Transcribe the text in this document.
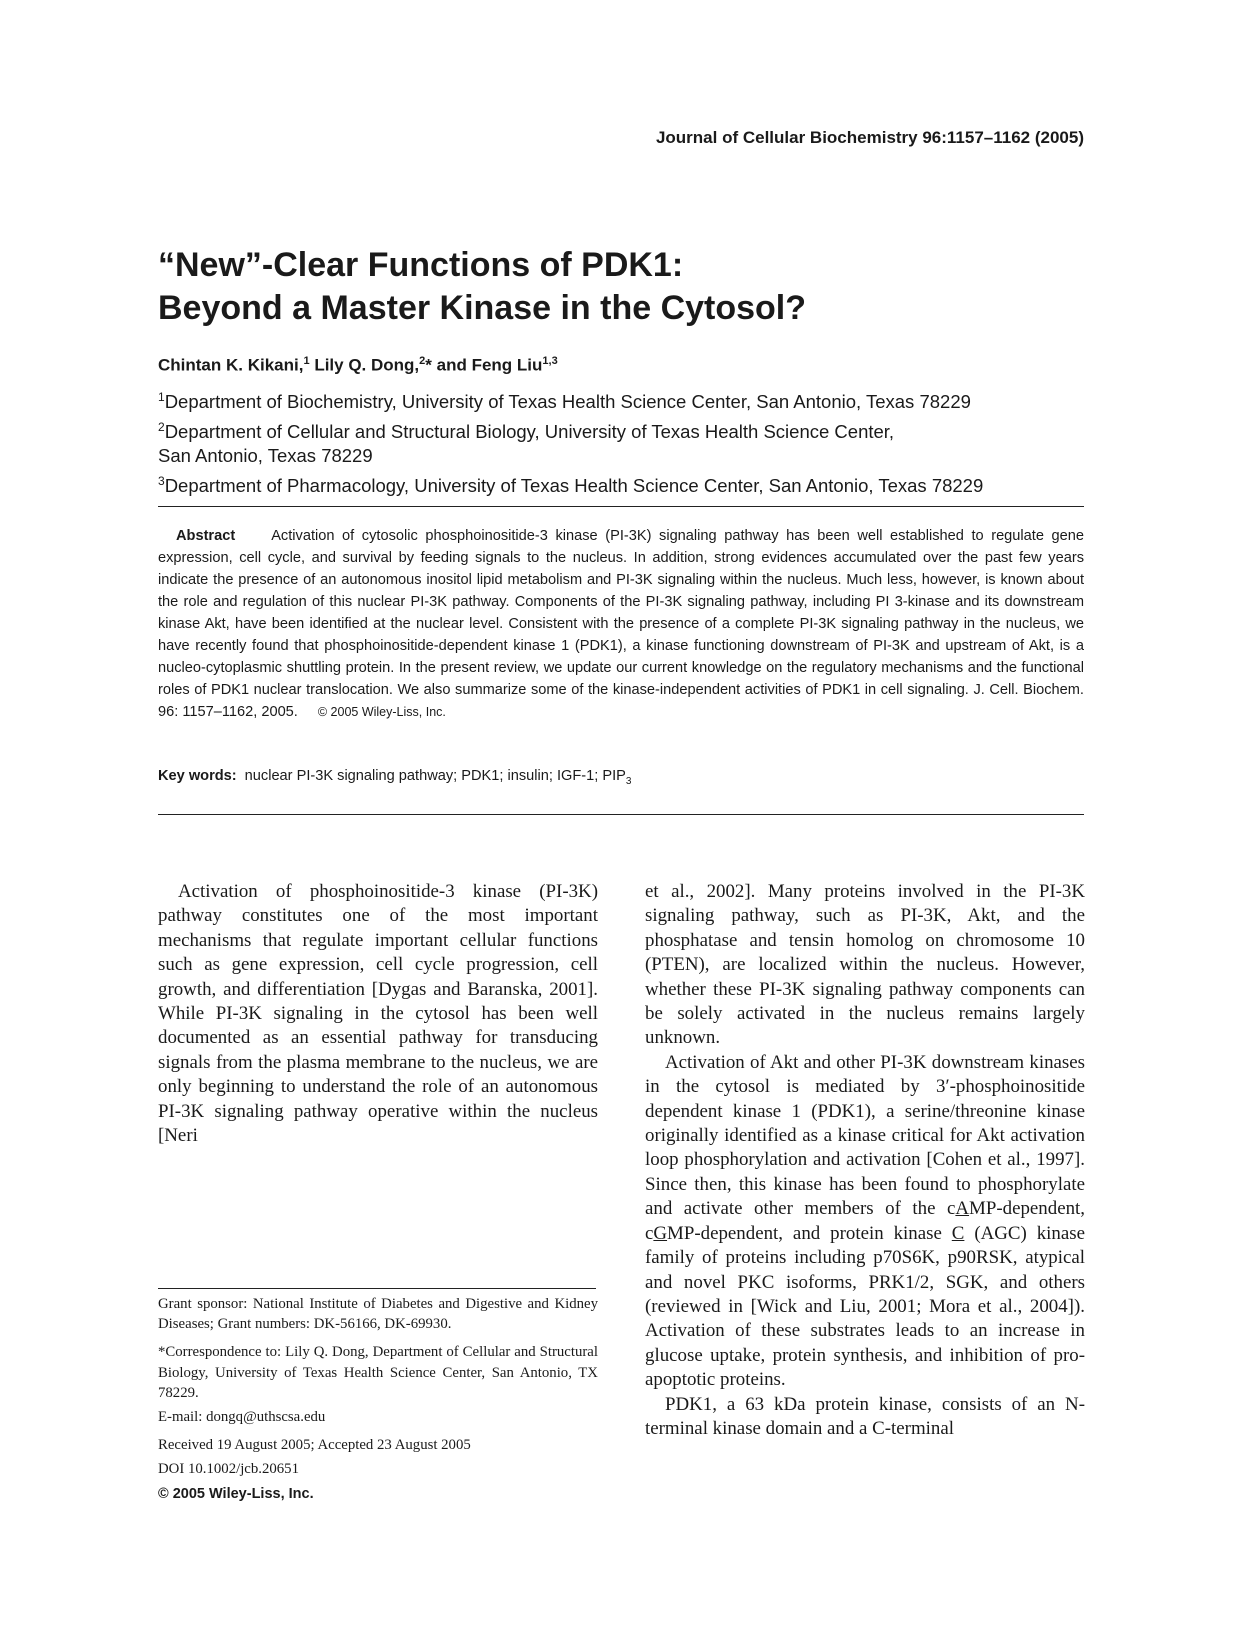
Journal of Cellular Biochemistry 96:1157–1162 (2005)
“New”-Clear Functions of PDK1:
Beyond a Master Kinase in the Cytosol?
Chintan K. Kikani,$^1$ Lily Q. Dong,$^2$* and Feng Liu$^{1,3}$
$^1$Department of Biochemistry, University of Texas Health Science Center, San Antonio, Texas 78229
$^2$Department of Cellular and Structural Biology, University of Texas Health Science Center,
San Antonio, Texas 78229
$^3$Department of Pharmacology, University of Texas Health Science Center, San Antonio, Texas 78229

Abstract Activation of cytosolic phosphoinositide-3 kinase (PI-3K) signaling pathway has been well established to regulate gene expression, cell cycle, and survival by feeding signals to the nucleus. In addition, strong evidences accumulated over the past few years indicate the presence of an autonomous inositol lipid metabolism and PI-3K signaling within the nucleus. Much less, however, is known about the role and regulation of this nuclear PI-3K pathway. Components of the PI-3K signaling pathway, including PI 3-kinase and its downstream kinase Akt, have been identified at the nuclear level. Consistent with the presence of a complete PI-3K signaling pathway in the nucleus, we have recently found that phosphoinositide-dependent kinase 1 (PDK1), a kinase functioning downstream of PI-3K and upstream of Akt, is a nucleo-cytoplasmic shuttling protein. In the present review, we update our current knowledge on the regulatory mechanisms and the functional roles of PDK1 nuclear translocation. We also summarize some of the kinase-independent activities of PDK1 in cell signaling. J. Cell. Biochem. 96: 1157–1162, 2005. © 2005 Wiley-Liss, Inc.

Key words: nuclear PI-3K signaling pathway; PDK1; insulin; IGF-1; $PIP_3$

Activation of phosphoinositide-3 kinase (PI-3K) pathway constitutes one of the most important mechanisms that regulate important cellular functions such as gene expression, cell cycle progression, cell growth, and differentiation [Dygas and Baranska, 2001]. While PI-3K signaling in the cytosol has been well documented as an essential pathway for transducing signals from the plasma membrane to the nucleus, we are only beginning to understand the role of an autonomous PI-3K signaling pathway operative within the nucleus [Neri

et al., 2002]. Many proteins involved in the PI-3K signaling pathway, such as PI-3K, Akt, and the phosphatase and tensin homolog on chromosome 10 (PTEN), are localized within the nucleus. However, whether these PI-3K signaling pathway components can be solely activated in the nucleus remains largely unknown.

Activation of Akt and other PI-3K downstream kinases in the cytosol is mediated by 3′-phosphoinositide dependent kinase 1 (PDK1), a serine/threonine kinase originally identified as a kinase critical for Akt activation loop phosphorylation and activation [Cohen et al., 1997]. Since then, this kinase has been found to phosphorylate and activate other members of the cAMP-dependent, cGMP-dependent, and protein kinase C (AGC) kinase family of proteins including p70S6K, p90RSK, atypical and novel PKC isoforms, PRK1/2, SGK, and others (reviewed in [Wick and Liu, 2001; Mora et al., 2004]). Activation of these substrates leads to an increase in glucose uptake, protein synthesis, and inhibition of pro-apoptotic proteins.

PDK1, a 63 kDa protein kinase, consists of an N-terminal kinase domain and a C-terminal

Grant sponsor: National Institute of Diabetes and Digestive and Kidney Diseases; Grant numbers: DK-56166, DK-69930.

*Correspondence to: Lily Q. Dong, Department of Cellular and Structural Biology, University of Texas Health Science Center, San Antonio, TX 78229.

E-mail: dongq@uthscsa.edu

Received 19 August 2005; Accepted 23 August 2005

DOI 10.1002/jcb.20651

© 2005 Wiley-Liss, Inc.
